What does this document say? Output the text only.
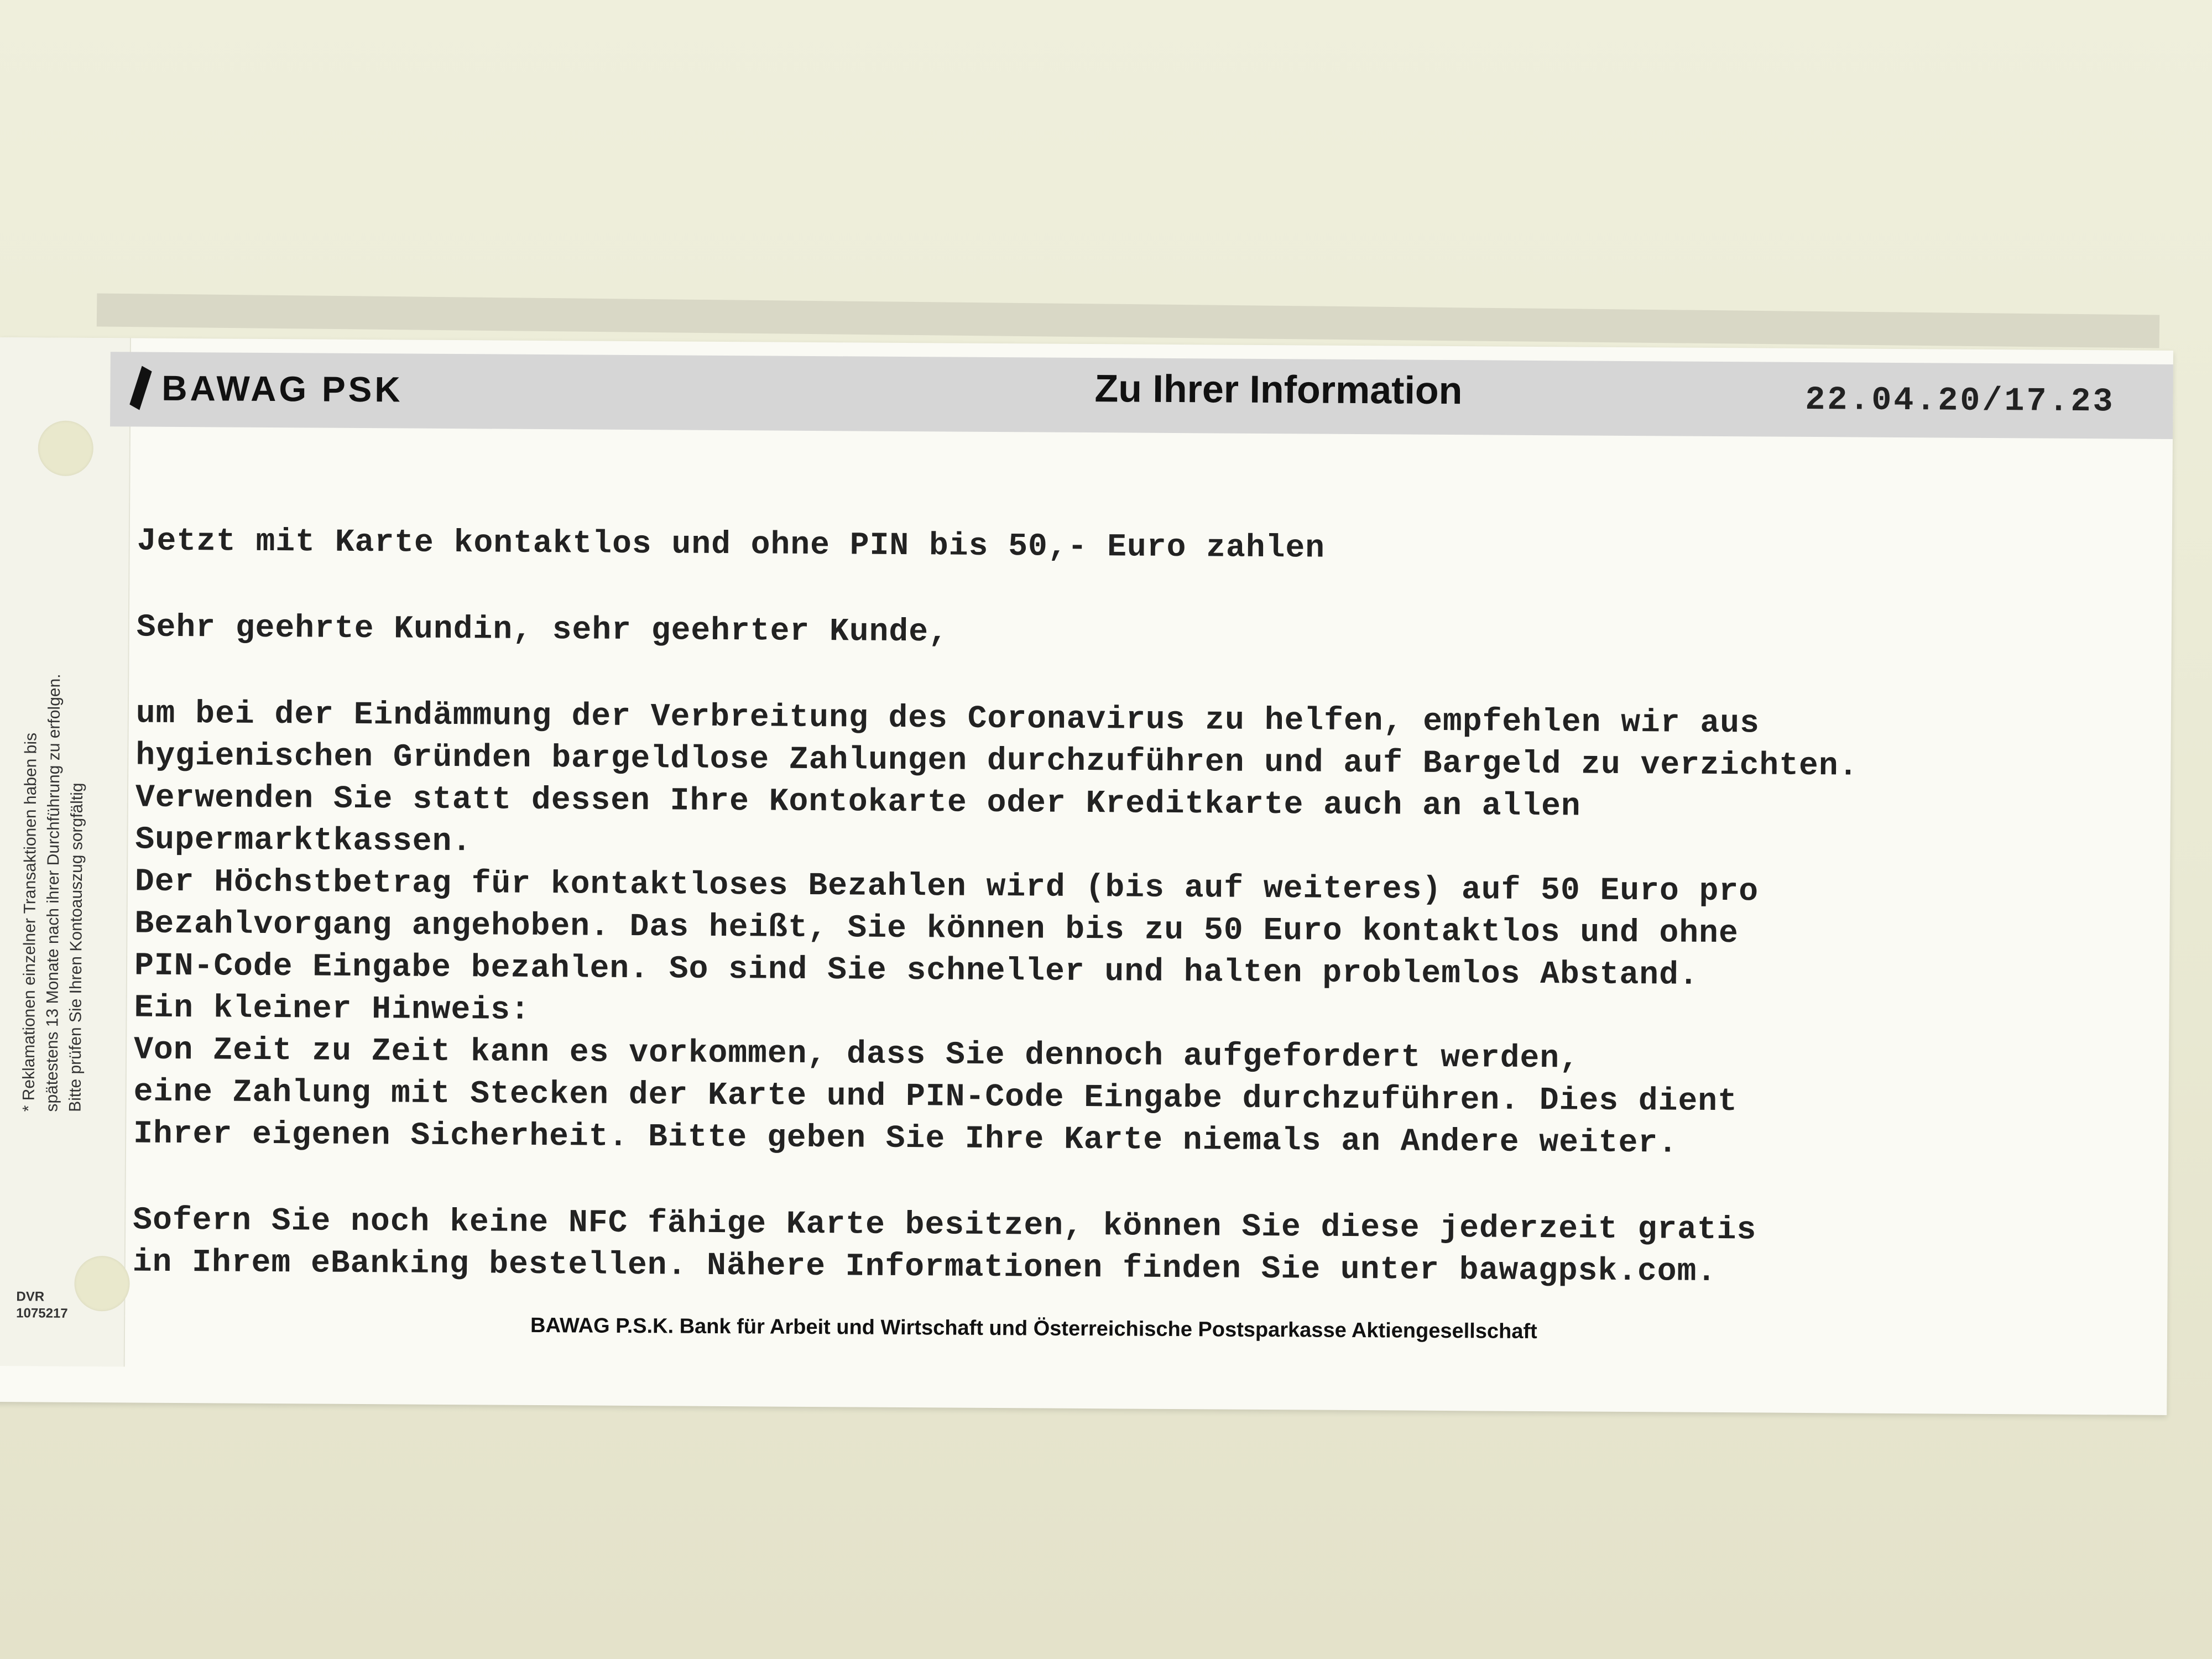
* Reklamationen einzelner Transaktionen haben bis spätestens 13 Monate nach ihrer Durchführung zu erfolgen. Bitte prüfen Sie Ihren Kontoauszug sorgfältig
DVR
1075217
BAWAG PSK	Zu Ihrer Information	22.04.20/17.23
Jetzt mit Karte kontaktlos und ohne PIN bis 50,- Euro zahlen
Sehr geehrte Kundin, sehr geehrter Kunde,
um bei der Eindämmung der Verbreitung des Coronavirus zu helfen, empfehlen wir aus
hygienischen Gründen bargeldlose Zahlungen durchzuführen und auf Bargeld zu verzichten.
Verwenden Sie statt dessen Ihre Kontokarte oder Kreditkarte auch an allen
Supermarktkassen.
Der Höchstbetrag für kontaktloses Bezahlen wird (bis auf weiteres) auf 50 Euro pro
Bezahlvorgang angehoben. Das heißt, Sie können bis zu 50 Euro kontaktlos und ohne
PIN-Code Eingabe bezahlen. So sind Sie schneller und halten problemlos Abstand.
Ein kleiner Hinweis:
Von Zeit zu Zeit kann es vorkommen, dass Sie dennoch aufgefordert werden,
eine Zahlung mit Stecken der Karte und PIN-Code Eingabe durchzuführen. Dies dient
Ihrer eigenen Sicherheit. Bitte geben Sie Ihre Karte niemals an Andere weiter.
Sofern Sie noch keine NFC fähige Karte besitzen, können Sie diese jederzeit gratis
in Ihrem eBanking bestellen. Nähere Informationen finden Sie unter bawagpsk.com.
BAWAG P.S.K. Bank für Arbeit und Wirtschaft und Österreichische Postsparkasse Aktiengesellschaft
